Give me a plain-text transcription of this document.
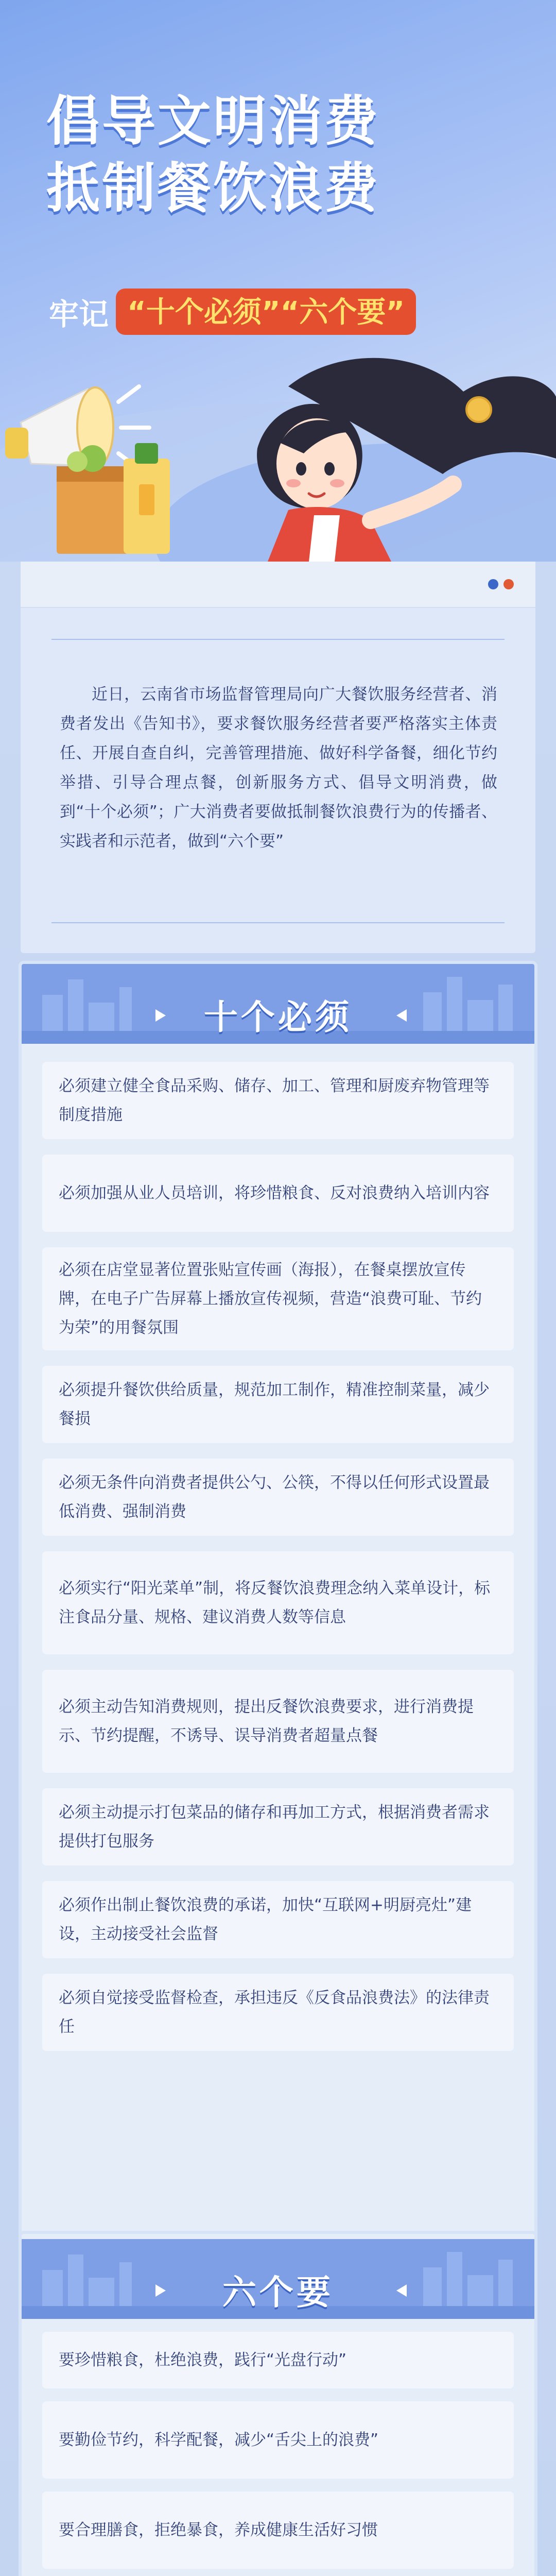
倡导文明消费
抵制餐饮浪费
牢记 “十个必须”“六个要”

近日，云南省市场监督管理局向广大餐饮服务经营者、消费者发出《告知书》，要求餐饮服务经营者要严格落实主体责任、开展自查自纠，完善管理措施、做好科学备餐，细化节约举措、引导合理点餐，创新服务方式、倡导文明消费，做到“十个必须”；广大消费者要做抵制餐饮浪费行为的传播者、实践者和示范者，做到“六个要”

十个必须
必须建立健全食品采购、储存、加工、管理和厨废弃物管理等制度措施
必须加强从业人员培训，将珍惜粮食、反对浪费纳入培训内容
必须在店堂显著位置张贴宣传画（海报），在餐桌摆放宣传牌，在电子广告屏幕上播放宣传视频，营造“浪费可耻、节约为荣”的用餐氛围
必须提升餐饮供给质量，规范加工制作，精准控制菜量，减少餐损
必须无条件向消费者提供公勺、公筷，不得以任何形式设置最低消费、强制消费
必须实行“阳光菜单”制，将反餐饮浪费理念纳入菜单设计，标注食品分量、规格、建议消费人数等信息
必须主动告知消费规则，提出反餐饮浪费要求，进行消费提示、节约提醒，不诱导、误导消费者超量点餐
必须主动提示打包菜品的储存和再加工方式，根据消费者需求提供打包服务
必须作出制止餐饮浪费的承诺，加快“互联网+明厨亮灶”建设，主动接受社会监督
必须自觉接受监督检查，承担违反《反食品浪费法》的法律责任
六个要
要珍惜粮食，杜绝浪费，践行“光盘行动”
要勤俭节约，科学配餐，减少“舌尖上的浪费”
要合理膳食，拒绝暴食，养成健康生活好习惯
